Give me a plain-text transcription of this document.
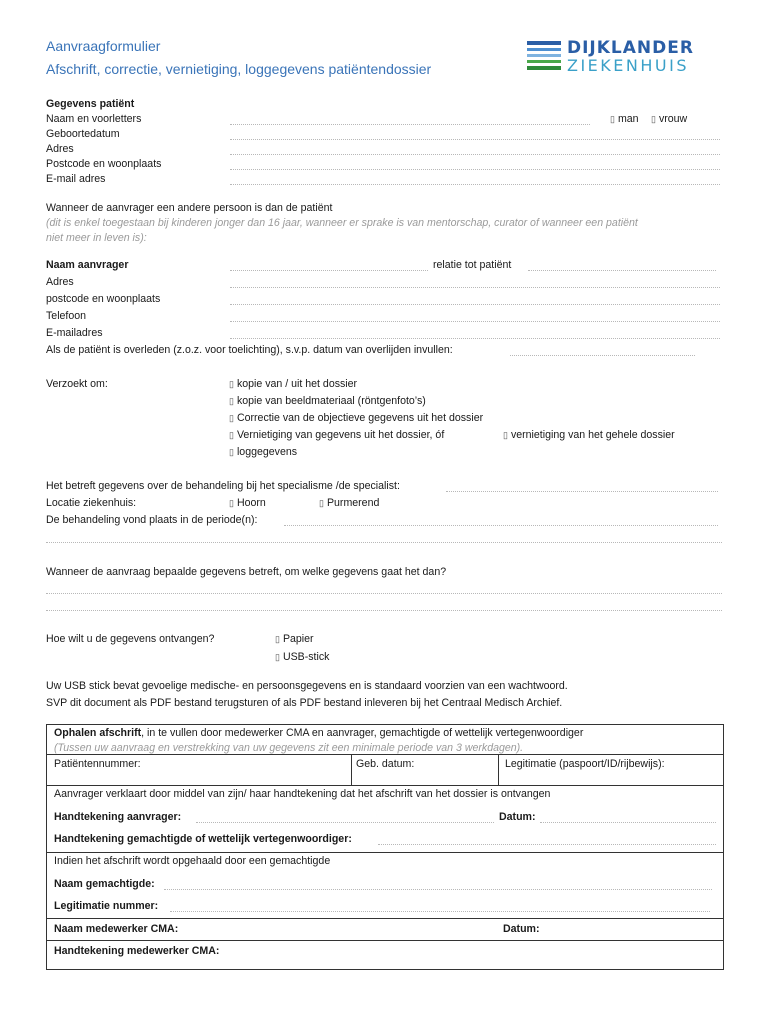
Aanvraagformulier
Afschrift, correctie, vernietiging, loggegevens patiëntendossier
DIJKLANDER
ZIEKENHUIS
Gegevens patiënt
Naam en voorletters	▯ man	▯ vrouw
Geboortedatum
Adres
Postcode en woonplaats
E-mail adres
Wanneer de aanvrager een andere persoon is dan de patiënt
(dit is enkel toegestaan bij kinderen jonger dan 16 jaar, wanneer er sprake is van mentorschap, curator of wanneer een patiënt
niet meer in leven is):
Naam aanvrager	relatie tot patiënt
Adres
postcode en woonplaats
Telefoon
E-mailadres
Als de patiënt is overleden (z.o.z. voor toelichting), s.v.p. datum van overlijden invullen:
Verzoekt om:	▯ kopie van / uit het dossier
▯ kopie van beeldmateriaal (röntgenfoto’s)
▯ Correctie van de objectieve gegevens uit het dossier
▯ Vernietiging van gegevens uit het dossier, óf	▯ vernietiging van het gehele dossier
▯ loggegevens
Het betreft gegevens over de behandeling bij het specialisme /de specialist:
Locatie ziekenhuis:	▯ Hoorn	▯ Purmerend
De behandeling vond plaats in de periode(n):
Wanneer de aanvraag bepaalde gegevens betreft, om welke gegevens gaat het dan?
Hoe wilt u de gegevens ontvangen?	▯ Papier
▯ USB-stick
Uw USB stick bevat gevoelige medische- en persoonsgegevens en is standaard voorzien van een wachtwoord.
SVP dit document als PDF bestand terugsturen of als PDF bestand inleveren bij het Centraal Medisch Archief.
Ophalen afschrift, in te vullen door medewerker CMA en aanvrager, gemachtigde of wettelijk vertegenwoordiger
(Tussen uw aanvraag en verstrekking van uw gegevens zit een minimale periode van 3 werkdagen).
Patiëntennummer:	Geb. datum:	Legitimatie (paspoort/ID/rijbewijs):
Aanvrager verklaart door middel van zijn/ haar handtekening dat het afschrift van het dossier is ontvangen
Handtekening aanvrager:	Datum:
Handtekening gemachtigde of wettelijk vertegenwoordiger:
Indien het afschrift wordt opgehaald door een gemachtigde
Naam gemachtigde:
Legitimatie nummer:
Naam medewerker CMA:	Datum:
Handtekening medewerker CMA:
